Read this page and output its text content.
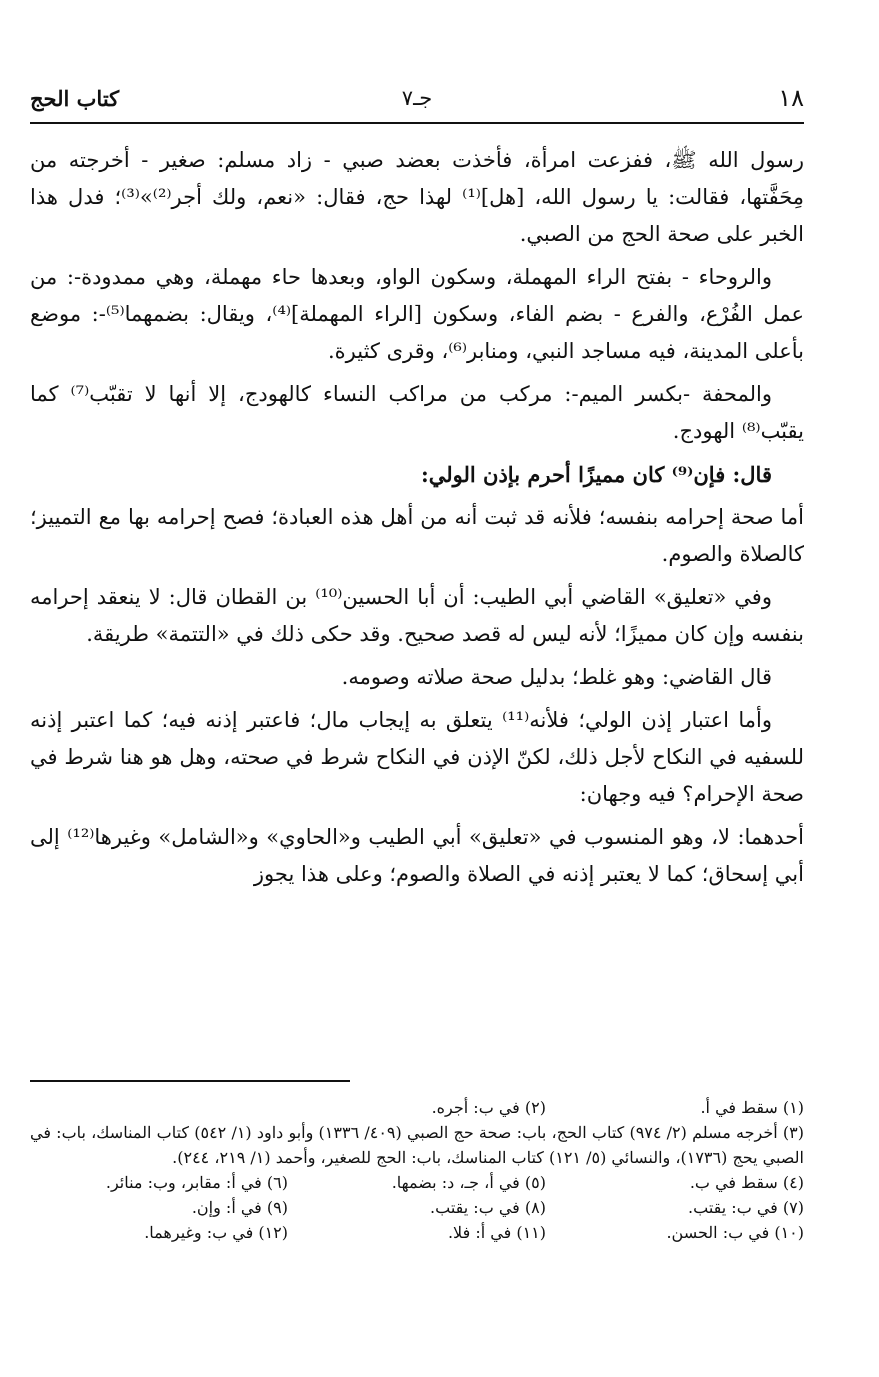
١٨
جـ٧
كتاب الحج

رسول الله ﷺ، ففزعت امرأة، فأخذت بعضد صبي - زاد مسلم: صغير - أخرجته من مِحَفَّتها، فقالت: يا رسول الله، [هل]⁽¹⁾ لهذا حج، فقال: «نعم، ولك أجر⁽²⁾»⁽³⁾؛ فدل هذا الخبر على صحة الحج من الصبي.

والروحاء - بفتح الراء المهملة، وسكون الواو، وبعدها حاء مهملة، وهي ممدودة-: من عمل الفُرْع، والفرع - بضم الفاء، وسكون [الراء المهملة]⁽⁴⁾، ويقال: بضمهما⁽⁵⁾-: موضع بأعلى المدينة، فيه مساجد النبي، ومنابر⁽⁶⁾، وقرى كثيرة.

والمحفة -بكسر الميم-: مركب من مراكب النساء كالهودج، إلا أنها لا تقبّب⁽⁷⁾ كما يقبّب⁽⁸⁾ الهودج.

قال: فإن⁽⁹⁾ كان مميزًا أحرم بإذن الولي:

أما صحة إحرامه بنفسه؛ فلأنه قد ثبت أنه من أهل هذه العبادة؛ فصح إحرامه بها مع التمييز؛ كالصلاة والصوم.

وفي «تعليق» القاضي أبي الطيب: أن أبا الحسين⁽¹⁰⁾ بن القطان قال: لا ينعقد إحرامه بنفسه وإن كان مميزًا؛ لأنه ليس له قصد صحيح. وقد حكى ذلك في «التتمة» طريقة.

قال القاضي: وهو غلط؛ بدليل صحة صلاته وصومه.

وأما اعتبار إذن الولي؛ فلأنه⁽¹¹⁾ يتعلق به إيجاب مال؛ فاعتبر إذنه فيه؛ كما اعتبر إذنه للسفيه في النكاح لأجل ذلك، لكنّ الإذن في النكاح شرط في صحته، وهل هو هنا شرط في صحة الإحرام؟ فيه وجهان:

أحدهما: لا، وهو المنسوب في «تعليق» أبي الطيب و«الحاوي» و«الشامل» وغيرها⁽¹²⁾ إلى أبي إسحاق؛ كما لا يعتبر إذنه في الصلاة والصوم؛ وعلى هذا يجوز

(١) سقط في أ.
(٢) في ب: أجره.
(٣) أخرجه مسلم (٢/ ٩٧٤) كتاب الحج، باب: صحة حج الصبي (٤٠٩/ ١٣٣٦) وأبو داود (١/ ٥٤٢) كتاب المناسك، باب: في الصبي يحج (١٧٣٦)، والنسائي (٥/ ١٢١) كتاب المناسك، باب: الحج للصغير، وأحمد (١/ ٢١٩، ٢٤٤).
(٤) سقط في ب.
(٥) في أ، جـ، د: بضمها.
(٦) في أ: مقابر، وب: منائر.
(٧) في ب: يقتب.
(٨) في ب: يقتب.
(٩) في أ: وإن.
(١٠) في ب: الحسن.
(١١) في أ: فلا.
(١٢) في ب: وغيرهما.
